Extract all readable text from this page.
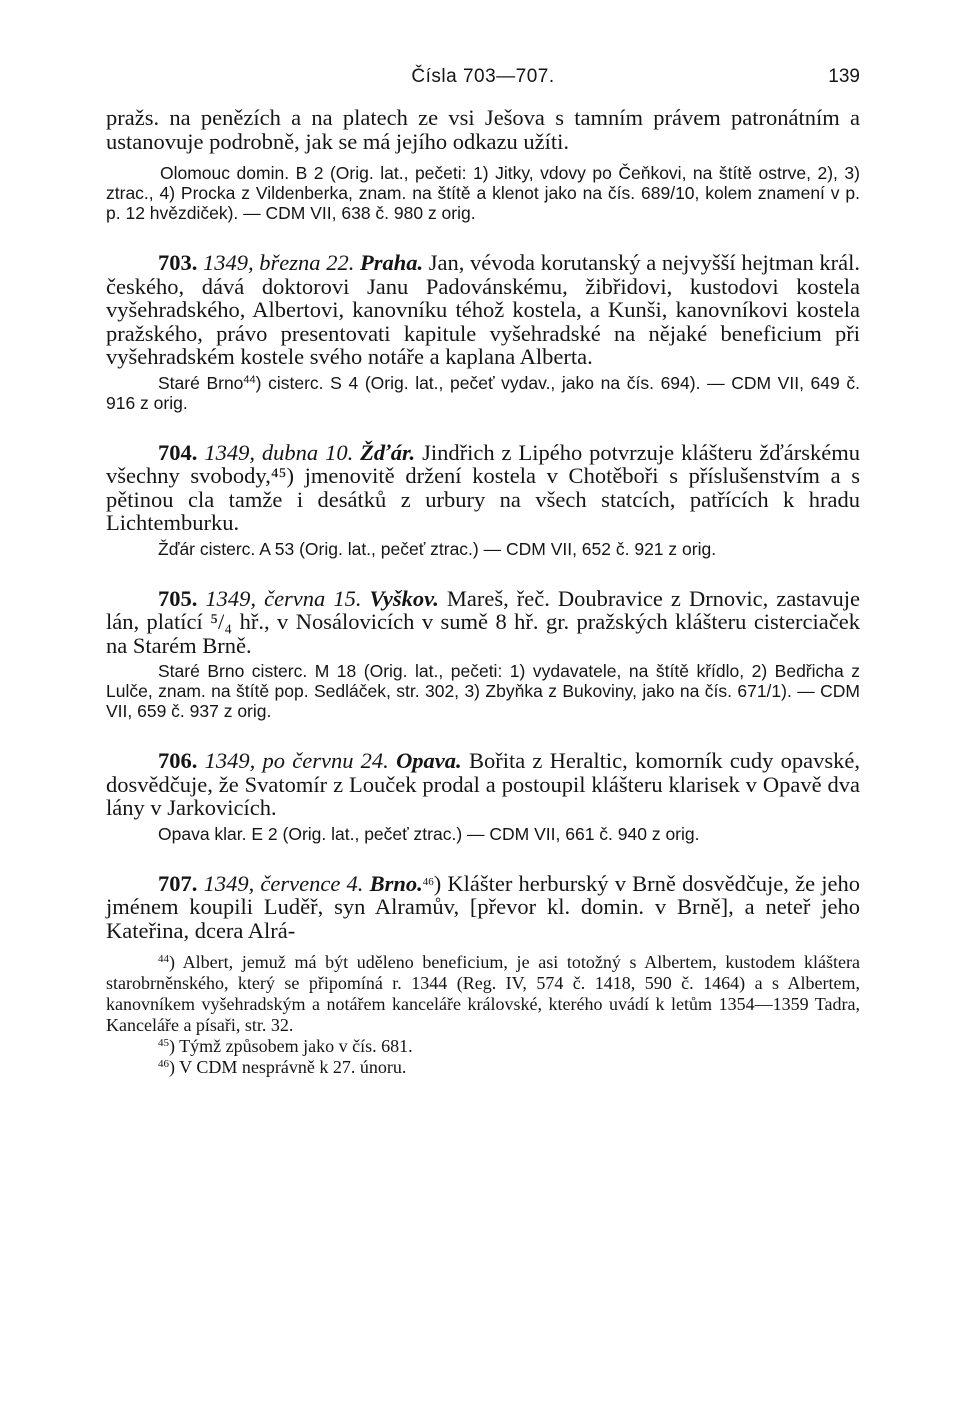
Čísla 703—707.	139

pražs. na penězích a na platech ze vsi Ješova s tamním právem patronátním a ustanovuje podrobně, jak se má jejího odkazu užíti.

Olomouc domin. B 2 (Orig. lat., pečeti: 1) Jitky, vdovy po Čeňkovi, na štítě ostrve, 2), 3) ztrac., 4) Procka z Vildenberka, znam. na štítě a klenot jako na čís. 689/10, kolem znamení v p. p. 12 hvězdiček). — CDM VII, 638 č. 980 z orig.

703. 1349, března 22. Praha. Jan, vévoda korutanský a nejvyšší hejtman král. českého, dává doktorovi Janu Padovánskému, žibřidovi, kustodovi kostela vyšehradského, Albertovi, kanovníku téhož kostela, a Kunši, kanovníkovi kostela pražského, právo presentovati kapitule vyšehradské na nějaké beneficium při vyšehradském kostele svého notáře a kaplana Alberta.

Staré Brno$^{44}$) cisterc. S 4 (Orig. lat., pečeť vydav., jako na čís. 694). — CDM VII, 649 č. 916 z orig.

704. 1349, dubna 10. Žďár. Jindřich z Lipého potvrzuje klášteru žďárskému všechny svobody,⁴⁵) jmenovitě držení kostela v Chotěboři s příslušenstvím a s pětinou cla tamže i desátků z urbury na všech statcích, patřících k hradu Lichtemburku.

Žďár cisterc. A 53 (Orig. lat., pečeť ztrac.) — CDM VII, 652 č. 921 z orig.

705. 1349, června 15. Vyškov. Mareš, řeč. Doubravice z Drnovic, zastavuje lán, platící ⁵/₄ hř., v Nosálovicích v sumě 8 hř. gr. pražských klášteru cisterciaček na Starém Brně.

Staré Brno cisterc. M 18 (Orig. lat., pečeti: 1) vydavatele, na štítě křídlo, 2) Bedřicha z Lulče, znam. na štítě pop. Sedláček, str. 302, 3) Zbyňka z Bukoviny, jako na čís. 671/1). — CDM VII, 659 č. 937 z orig.

706. 1349, po červnu 24. Opava. Bořita z Heraltic, komorník cudy opavské, dosvědčuje, že Svatomír z Louček prodal a postoupil klášteru klarisek v Opavě dva lány v Jarkovicích.

Opava klar. E 2 (Orig. lat., pečeť ztrac.) — CDM VII, 661 č. 940 z orig.

707. 1349, července 4. Brno.$^{46}$) Klášter herburský v Brně dosvědčuje, že jeho jménem koupili Luděř, syn Alramův, [převor kl. domin. v Brně], a neteř jeho Kateřina, dcera Alrá-

$^{44}$) Albert, jemuž má být uděleno beneficium, je asi totožný s Albertem, kustodem kláštera starobrněnského, který se připomíná r. 1344 (Reg. IV, 574 č. 1418, 590 č. 1464) a s Albertem, kanovníkem vyšehradským a notářem kanceláře královské, kterého uvádí k letům 1354—1359 Tadra, Kanceláře a písaři, str. 32.

$^{45}$) Týmž způsobem jako v čís. 681.

$^{46}$) V CDM nesprávně k 27. únoru.
